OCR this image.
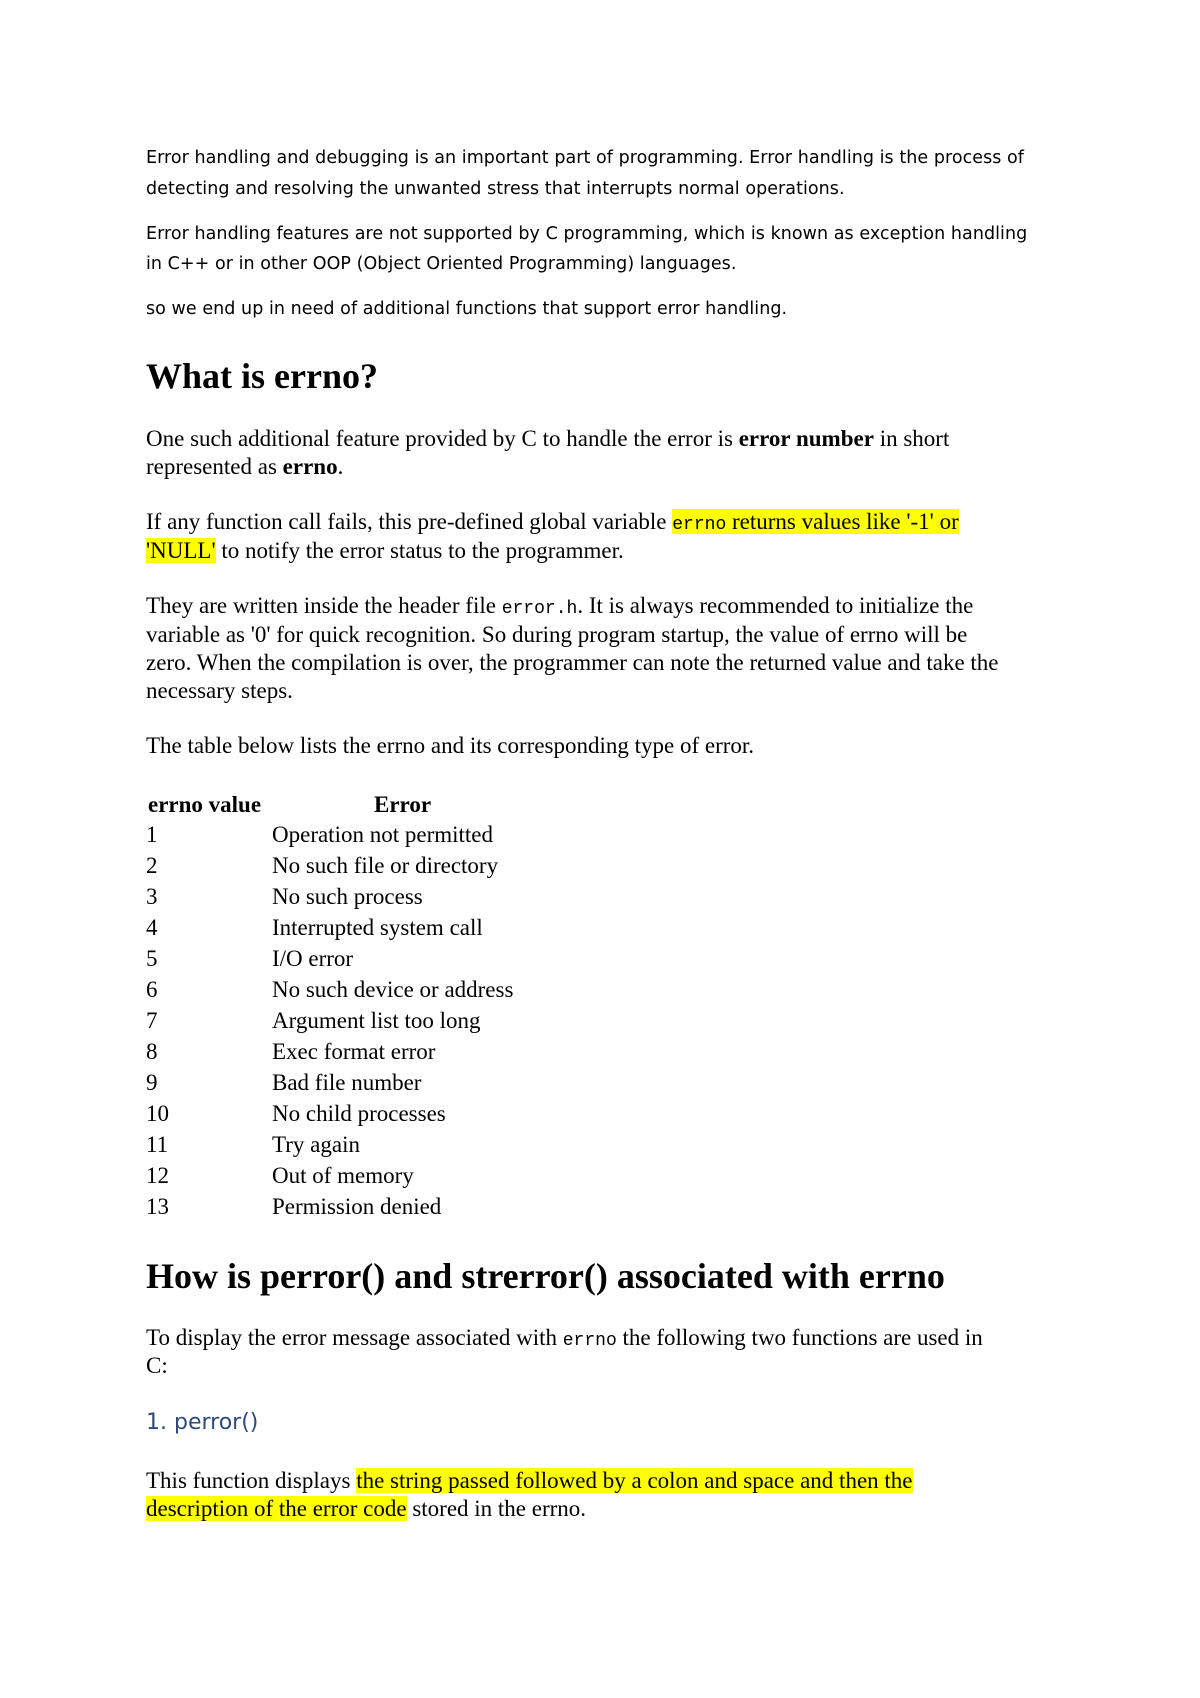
Error handling and debugging is an important part of programming. Error handling is the process of
detecting and resolving the unwanted stress that interrupts normal operations.
Error handling features are not supported by C programming, which is known as exception handling
in C++ or in other OOP (Object Oriented Programming) languages.
so we end up in need of additional functions that support error handling.
What is errno?
One such additional feature provided by C to handle the error is error number in short
represented as errno.
If any function call fails, this pre-defined global variable errno returns values like '-1' or
'NULL' to notify the error status to the programmer.
They are written inside the header file error.h. It is always recommended to initialize the
variable as '0' for quick recognition. So during program startup, the value of errno will be
zero. When the compilation is over, the programmer can note the returned value and take the
necessary steps.
The table below lists the errno and its corresponding type of error.
errno value	Error
1	Operation not permitted
2	No such file or directory
3	No such process
4	Interrupted system call
5	I/O error
6	No such device or address
7	Argument list too long
8	Exec format error
9	Bad file number
10	No child processes
11	Try again
12	Out of memory
13	Permission denied
How is perror() and strerror() associated with errno
To display the error message associated with errno the following two functions are used in
C:
1. perror()
This function displays the string passed followed by a colon and space and then the
description of the error code stored in the errno.
